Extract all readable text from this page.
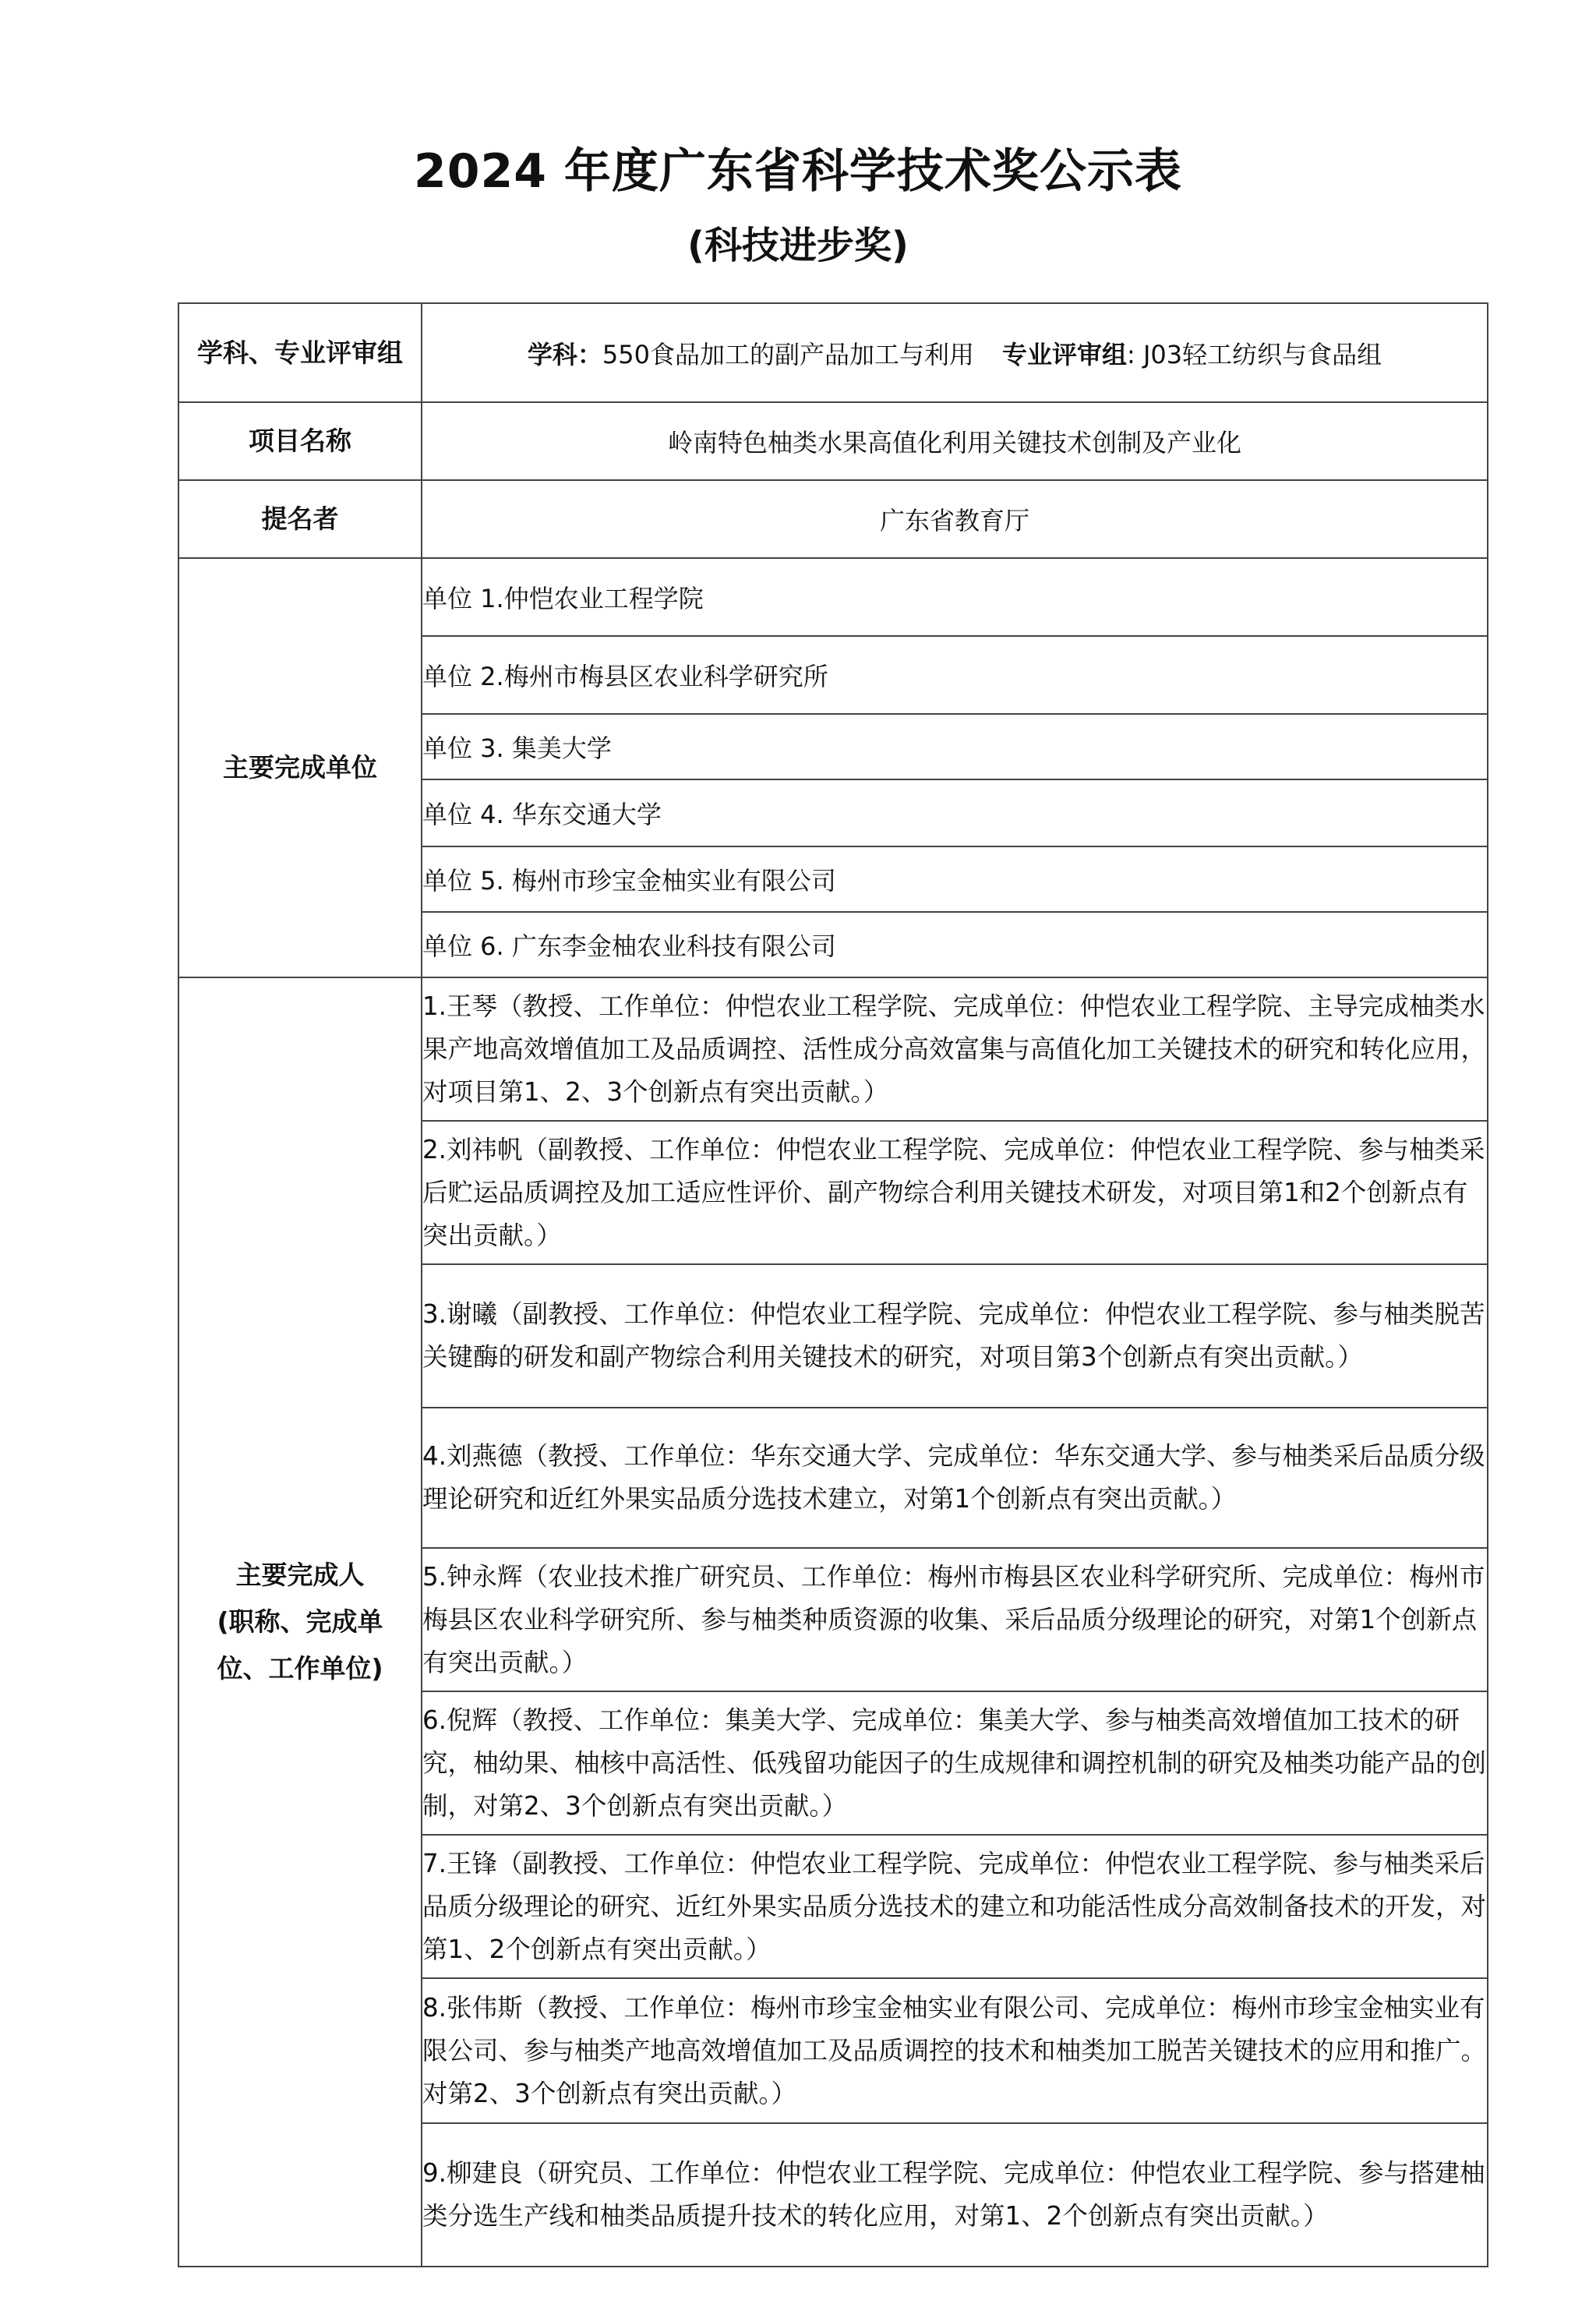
2024 年度广东省科学技术奖公示表
(科技进步奖)
学科、专业评审组	学科：550食品加工的副产品加工与利用 专业评审组: J03轻工纺织与食品组
项目名称	岭南特色柚类水果高值化利用关键技术创制及产业化
提名者	广东省教育厅
主要完成单位	单位 1.仲恺农业工程学院
	单位 2.梅州市梅县区农业科学研究所
	单位 3. 集美大学
	单位 4. 华东交通大学
	单位 5. 梅州市珍宝金柚实业有限公司
	单位 6. 广东李金柚农业科技有限公司

主要完成人
(职称、完成单
位、工作单位)	1.王琴（教授、工作单位：仲恺农业工程学院、完成单位：仲恺农业工程学院、主导完成柚类水果产地高效增值加工及品质调控、活性成分高效富集与高值化加工关键技术的研究和转化应用，对项目第1、2、3个创新点有突出贡献。）
	2.刘祎帆（副教授、工作单位：仲恺农业工程学院、完成单位：仲恺农业工程学院、参与柚类采后贮运品质调控及加工适应性评价、副产物综合利用关键技术研发，对项目第1和2个创新点有突出贡献。）
	3.谢曦（副教授、工作单位：仲恺农业工程学院、完成单位：仲恺农业工程学院、参与柚类脱苦关键酶的研发和副产物综合利用关键技术的研究，对项目第3个创新点有突出贡献。）
	4.刘燕德（教授、工作单位：华东交通大学、完成单位：华东交通大学、参与柚类采后品质分级理论研究和近红外果实品质分选技术建立，对第1个创新点有突出贡献。）
	5.钟永辉（农业技术推广研究员、工作单位：梅州市梅县区农业科学研究所、完成单位：梅州市梅县区农业科学研究所、参与柚类种质资源的收集、采后品质分级理论的研究，对第1个创新点有突出贡献。）
	6.倪辉（教授、工作单位：集美大学、完成单位：集美大学、参与柚类高效增值加工技术的研究，柚幼果、柚核中高活性、低残留功能因子的生成规律和调控机制的研究及柚类功能产品的创制，对第2、3个创新点有突出贡献。）
	7.王锋（副教授、工作单位：仲恺农业工程学院、完成单位：仲恺农业工程学院、参与柚类采后品质分级理论的研究、近红外果实品质分选技术的建立和功能活性成分高效制备技术的开发，对第1、2个创新点有突出贡献。）
	8.张伟斯（教授、工作单位：梅州市珍宝金柚实业有限公司、完成单位：梅州市珍宝金柚实业有限公司、参与柚类产地高效增值加工及品质调控的技术和柚类加工脱苦关键技术的应用和推广。对第2、3个创新点有突出贡献。）
	9.柳建良（研究员、工作单位：仲恺农业工程学院、完成单位：仲恺农业工程学院、参与搭建柚类分选生产线和柚类品质提升技术的转化应用，对第1、2个创新点有突出贡献。）
